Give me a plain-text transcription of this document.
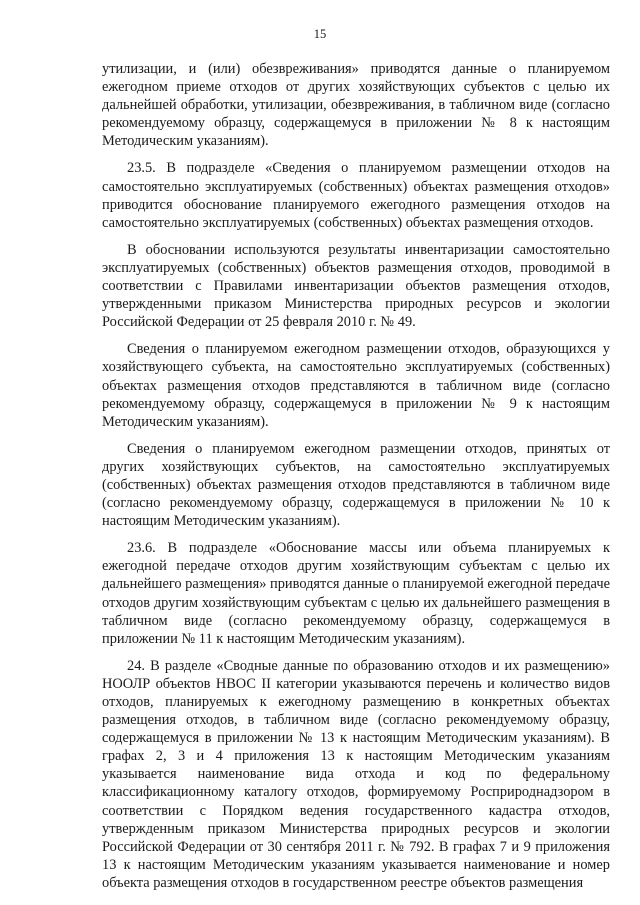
15

утилизации, и (или) обезвреживания» приводятся данные о планируемом ежегодном приеме отходов от других хозяйствующих субъектов с целью их дальнейшей обработки, утилизации, обезвреживания, в табличном виде (согласно рекомендуемому образцу, содержащемуся в приложении № 8 к настоящим Методическим указаниям).

23.5. В подразделе «Сведения о планируемом размещении отходов на самостоятельно эксплуатируемых (собственных) объектах размещения отходов» приводится обоснование планируемого ежегодного размещения отходов на самостоятельно эксплуатируемых (собственных) объектах размещения отходов.

В обосновании используются результаты инвентаризации самостоятельно эксплуатируемых (собственных) объектов размещения отходов, проводимой в соответствии с Правилами инвентаризации объектов размещения отходов, утвержденными приказом Министерства природных ресурсов и экологии Российской Федерации от 25 февраля 2010 г. № 49.

Сведения о планируемом ежегодном размещении отходов, образующихся у хозяйствующего субъекта, на самостоятельно эксплуатируемых (собственных) объектах размещения отходов представляются в табличном виде (согласно рекомендуемому образцу, содержащемуся в приложении № 9 к настоящим Методическим указаниям).

Сведения о планируемом ежегодном размещении отходов, принятых от других хозяйствующих субъектов, на самостоятельно эксплуатируемых (собственных) объектах размещения отходов представляются в табличном виде (согласно рекомендуемому образцу, содержащемуся в приложении № 10 к настоящим Методическим указаниям).

23.6. В подразделе «Обоснование массы или объема планируемых к ежегодной передаче отходов другим хозяйствующим субъектам с целью их дальнейшего размещения» приводятся данные о планируемой ежегодной передаче отходов другим хозяйствующим субъектам с целью их дальнейшего размещения в табличном виде (согласно рекомендуемому образцу, содержащемуся в приложении № 11 к настоящим Методическим указаниям).

24. В разделе «Сводные данные по образованию отходов и их размещению» НООЛР объектов НВОС II категории указываются перечень и количество видов отходов, планируемых к ежегодному размещению в конкретных объектах размещения отходов, в табличном виде (согласно рекомендуемому образцу, содержащемуся в приложении № 13 к настоящим Методическим указаниям). В графах 2, 3 и 4 приложения 13 к настоящим Методическим указаниям указывается наименование вида отхода и код по федеральному классификационному каталогу отходов, формируемому Росприроднадзором в соответствии с Порядком ведения государственного кадастра отходов, утвержденным приказом Министерства природных ресурсов и экологии Российской Федерации от 30 сентября 2011 г. № 792. В графах 7 и 9 приложения 13 к настоящим Методическим указаниям указывается наименование и номер объекта размещения отходов в государственном реестре объектов размещения
